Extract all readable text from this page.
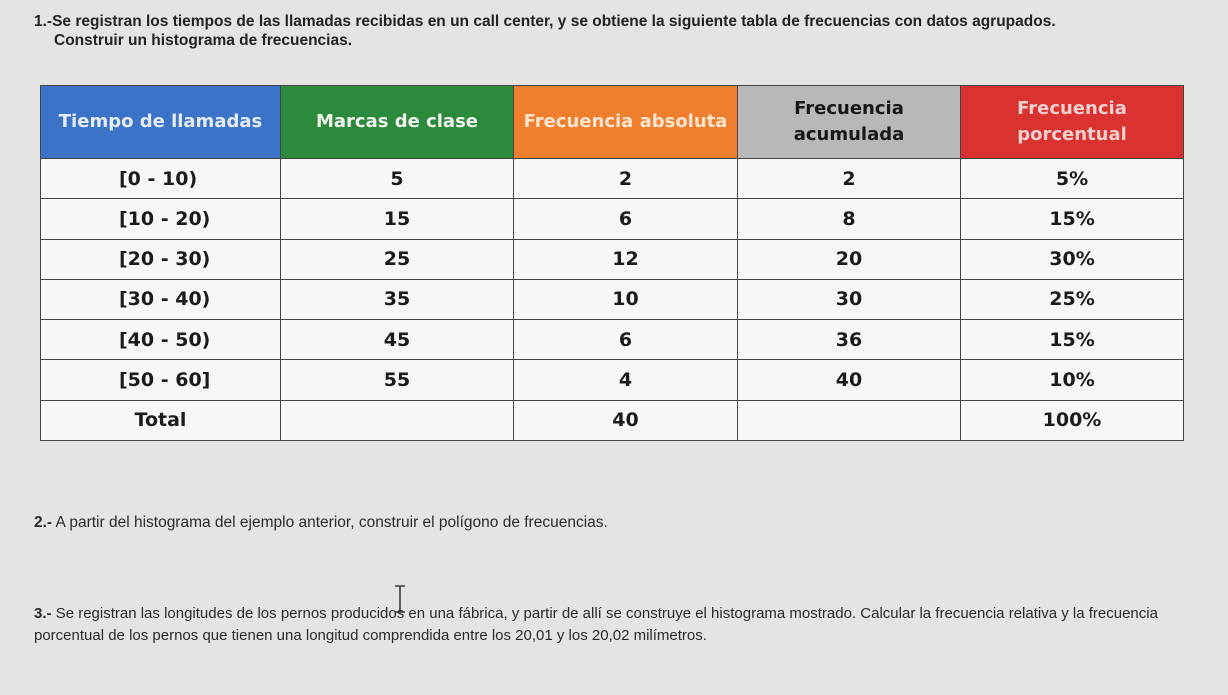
1.-Se registran los tiempos de las llamadas recibidas en un call center, y se obtiene la siguiente tabla de frecuencias con datos agrupados.
Construir un histograma de frecuencias.
Tiempo de llamadas	Marcas de clase	Frecuencia absoluta	Frecuencia acumulada	Frecuencia porcentual
[0 - 10)	5	2	2	5%
[10 - 20)	15	6	8	15%
[20 - 30)	25	12	20	30%
[30 - 40)	35	10	30	25%
[40 - 50)	45	6	36	15%
[50 - 60]	55	4	40	10%
Total		40		100%
2.- A partir del histograma del ejemplo anterior, construir el polígono de frecuencias.
3.- Se registran las longitudes de los pernos producidos en una fábrica, y partir de allí se construye el histograma mostrado. Calcular la frecuencia relativa y la frecuencia porcentual de los pernos que tienen una longitud comprendida entre los 20,01 y los 20,02 milímetros.
